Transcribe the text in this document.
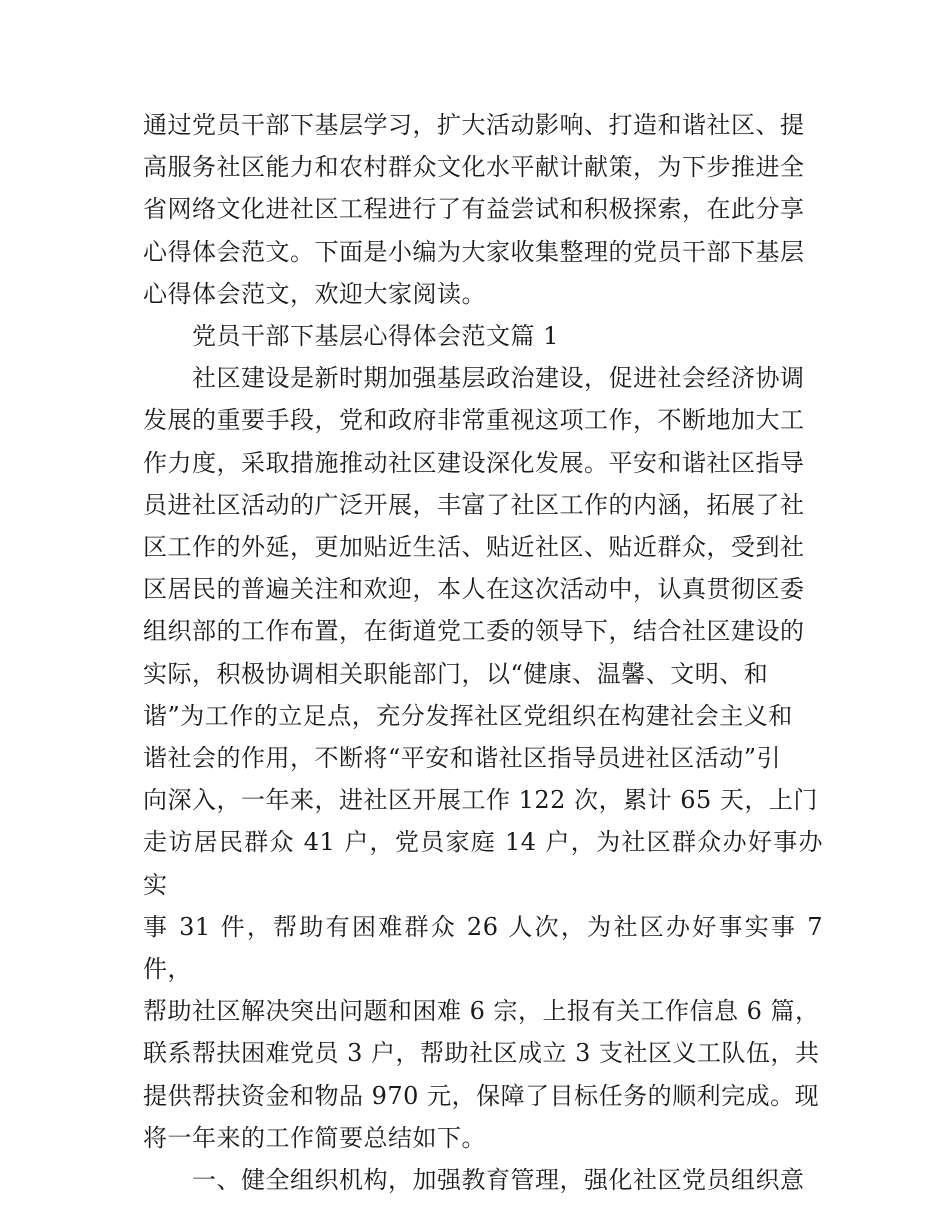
通过党员干部下基层学习，扩大活动影响、打造和谐社区、提

高服务社区能力和农村群众文化水平献计献策，为下步推进全

省网络文化进社区工程进行了有益尝试和积极探索，在此分享

心得体会范文。下面是小编为大家收集整理的党员干部下基层

心得体会范文，欢迎大家阅读。

党员干部下基层心得体会范文篇 1

社区建设是新时期加强基层政治建设，促进社会经济协调

发展的重要手段，党和政府非常重视这项工作，不断地加大工

作力度，采取措施推动社区建设深化发展。平安和谐社区指导

员进社区活动的广泛开展，丰富了社区工作的内涵，拓展了社

区工作的外延，更加贴近生活、贴近社区、贴近群众，受到社

区居民的普遍关注和欢迎，本人在这次活动中，认真贯彻区委

组织部的工作布置，在街道党工委的领导下，结合社区建设的

实际，积极协调相关职能部门，以“健康、温馨、文明、和

谐”为工作的立足点，充分发挥社区党组织在构建社会主义和

谐社会的作用，不断将“平安和谐社区指导员进社区活动”引

向深入，一年来，进社区开展工作 122 次，累计 65 天，上门

走访居民群众 41 户，党员家庭 14 户，为社区群众办好事办实

事 31 件，帮助有困难群众 26 人次，为社区办好事实事 7 件，

帮助社区解决突出问题和困难 6 宗，上报有关工作信息 6 篇，

联系帮扶困难党员 3 户，帮助社区成立 3 支社区义工队伍，共

提供帮扶资金和物品 970 元，保障了目标任务的顺利完成。现

将一年来的工作简要总结如下。

一、健全组织机构，加强教育管理，强化社区党员组织意
